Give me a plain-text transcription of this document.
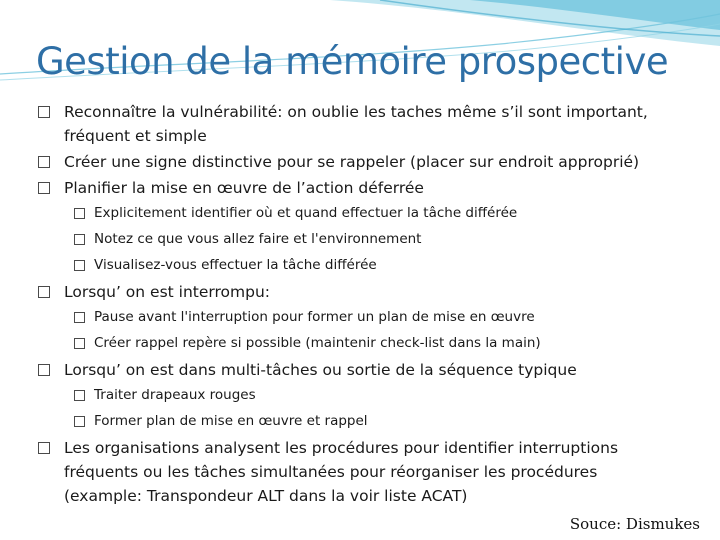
Gestion de la mémoire prospective

Reconnaître la vulnérabilité: on oublie les taches même s’il sont important, fréquent et simple

Créer une signe distinctive pour se rappeler (placer sur endroit approprié)

Planifier la mise en œuvre de l’action déferrée

Explicitement identifier où et quand effectuer la tâche différée

Notez ce que vous allez faire et l'environnement

Visualisez-vous effectuer la tâche différée

Lorsqu’ on est interrompu:

Pause avant l'interruption pour former un plan de mise en œuvre

Créer rappel repère si possible (maintenir check-list dans la main)

Lorsqu’ on est dans multi-tâches ou sortie de la séquence typique

Traiter drapeaux rouges

Former plan de mise en œuvre et rappel

Les organisations analysent les procédures pour identifier interruptions fréquents ou les tâches simultanées pour réorganiser les procédures (example: Transpondeur ALT dans la voir liste ACAT)

Souce: Dismukes
